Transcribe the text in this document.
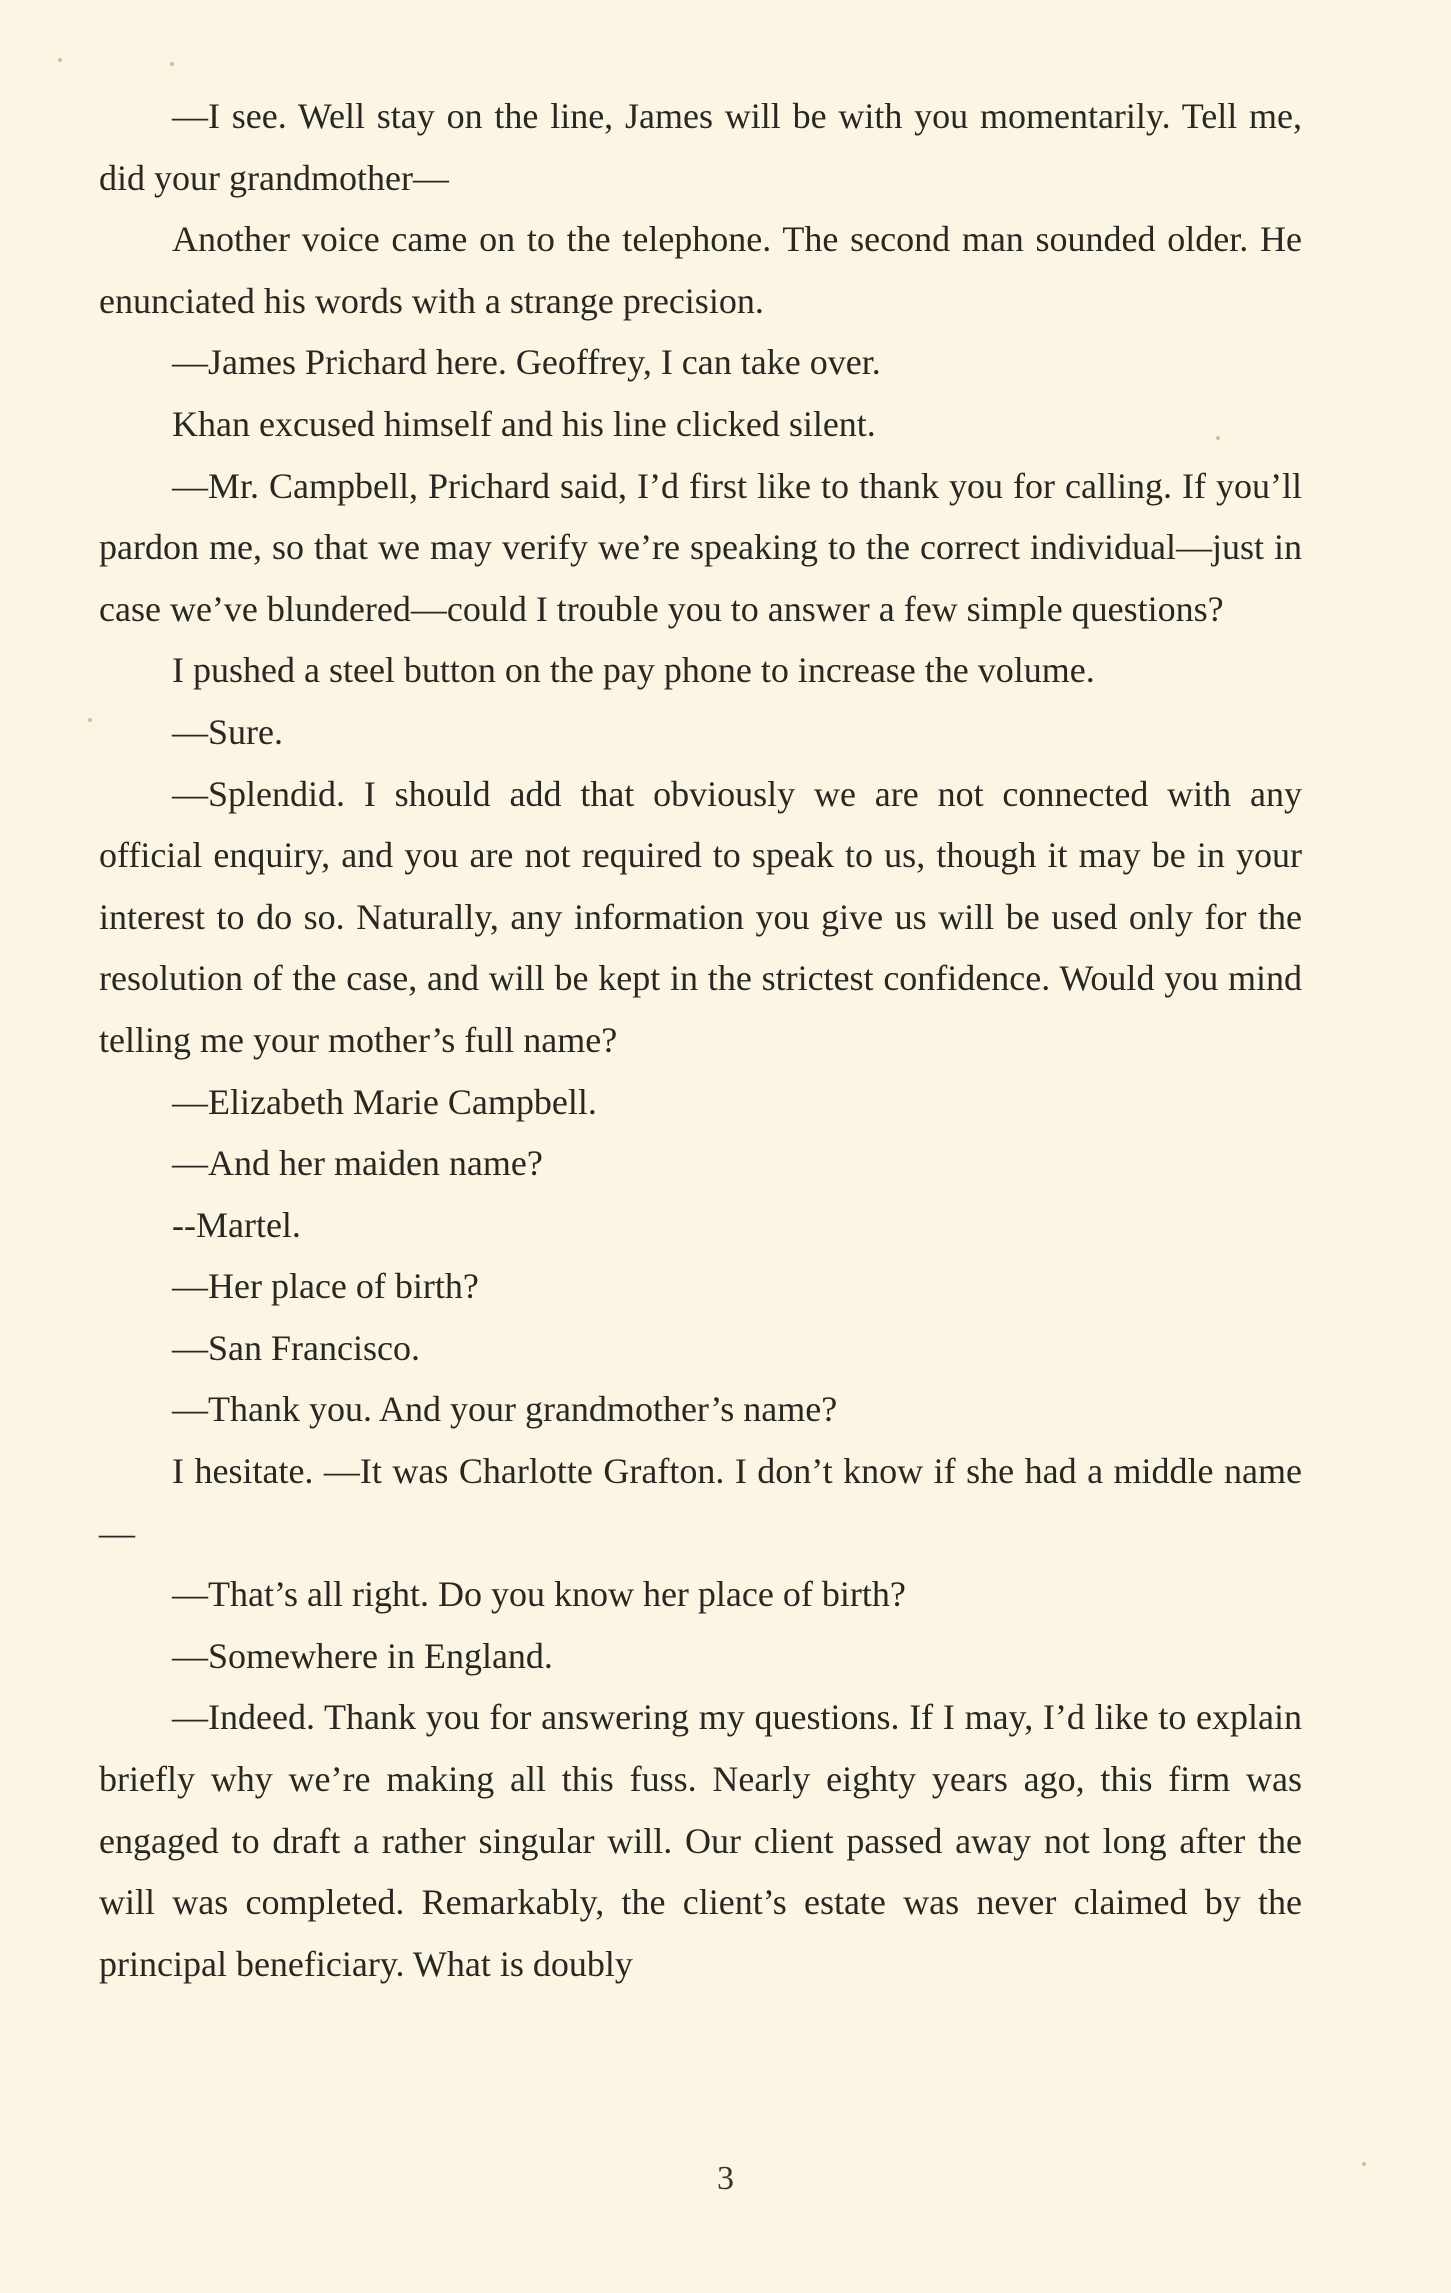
—I see. Well stay on the line, James will be with you momentarily. Tell me, did your grandmother—

Another voice came on to the telephone. The second man sounded older. He enunciated his words with a strange precision.

—James Prichard here. Geoffrey, I can take over.

Khan excused himself and his line clicked silent.

—Mr. Campbell, Prichard said, I’d first like to thank you for calling. If you’ll pardon me, so that we may verify we’re speaking to the correct individual—just in case we’ve blundered—could I trouble you to answer a few simple questions?

I pushed a steel button on the pay phone to increase the volume.

—Sure.

—Splendid. I should add that obviously we are not connected with any official enquiry, and you are not required to speak to us, though it may be in your interest to do so. Naturally, any information you give us will be used only for the resolution of the case, and will be kept in the strictest confidence. Would you mind telling me your mother’s full name?

—Elizabeth Marie Campbell.

—And her maiden name?

--Martel.

—Her place of birth?

—San Francisco.

—Thank you. And your grandmother’s name?

I hesitate. —It was Charlotte Grafton. I don’t know if she had a middle name—

—That’s all right. Do you know her place of birth?

—Somewhere in England.

—Indeed. Thank you for answering my questions. If I may, I’d like to explain briefly why we’re making all this fuss. Nearly eighty years ago, this firm was engaged to draft a rather singular will. Our client passed away not long after the will was completed. Remarkably, the client’s estate was never claimed by the principal beneficiary. What is doubly

3
